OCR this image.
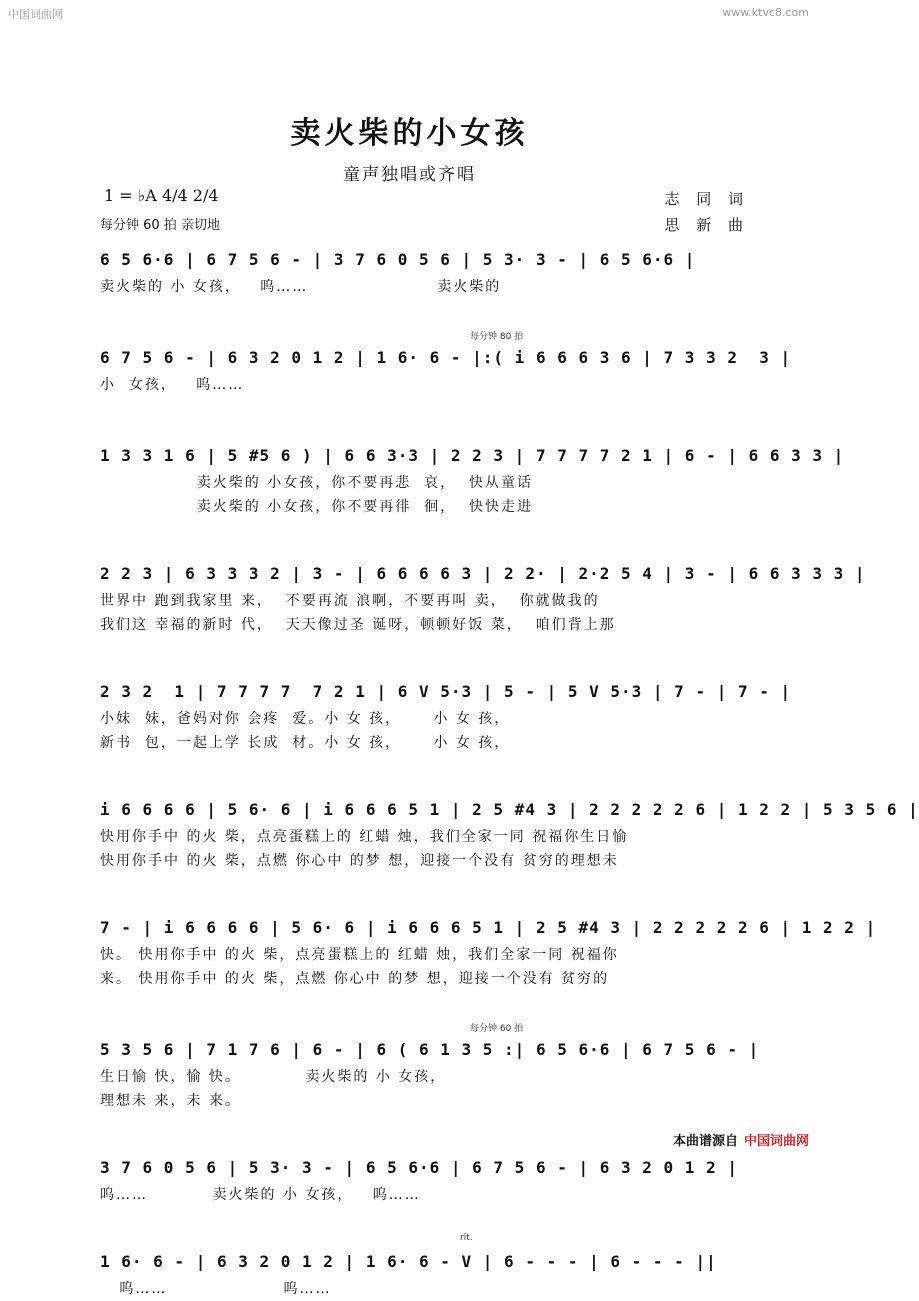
中国词曲网	www.ktvc8.com
卖火柴的小女孩
童声独唱或齐唱
1 = ♭A 4/4 2/4
每分钟 60 拍 亲切地
志 同 词
思 新 曲
6 5 6·6 | 6 7 5 6 - | 3 7 6 0 5 6 | 5 3· 3 - | 6 5 6·6 |
卖火柴的 小 女孩，   呜……                    卖火柴的
每分钟 80 拍
6 7 5 6 - | 6 3 2 0 1 2 | 1 6· 6 - |:( i 6 6 6 3 6 | 7 3 3 2  3 |
小  女孩，   呜……
1 3 3 1 6 | 5 #5 6 ) | 6 6 3·3 | 2 2 3 | 7 7 7 7 2 1 | 6 - | 6 6 3 3 |
卖火柴的 小女孩，你不要再悲  哀，  快从童话
卖火柴的 小女孩，你不要再徘  徊，  快快走进
2 2 3 | 6 3 3 3 2 | 3 - | 6 6 6 6 3 | 2 2· | 2·2 5 4 | 3 - | 6 6 3 3 3 |
世界中 跑到我家里 来，  不要再流 浪啊，不要再叫 卖，  你就做我的
我们这 幸福的新时 代，  天天像过圣 诞呀，顿顿好饭 菜，  咱们背上那
2 3 2  1 | 7 7 7 7  7 2 1 | 6 V 5·3 | 5 - | 5 V 5·3 | 7 - | 7 - |
小妹  妹，爸妈对你 会疼  爱。小 女 孩，     小 女 孩，
新书  包，一起上学 长成  材。小 女 孩，     小 女 孩，
i 6 6 6 6 | 5 6· 6 | i 6 6 6 5 1 | 2 5 #4 3 | 2 2 2 2 2 6 | 1 2 2 | 5 3 5 6 |
快用你手中 的火 柴，点亮蛋糕上的 红蜡 烛，我们全家一同 祝福你生日愉
快用你手中 的火 柴，点燃 你心中 的梦 想，迎接一个没有 贫穷的理想未
7 - | i 6 6 6 6 | 5 6· 6 | i 6 6 6 5 1 | 2 5 #4 3 | 2 2 2 2 2 6 | 1 2 2 |
快。 快用你手中 的火 柴，点亮蛋糕上的 红蜡 烛，我们全家一同 祝福你
来。 快用你手中 的火 柴，点燃 你心中 的梦 想，迎接一个没有 贫穷的
每分钟 60 拍
5 3 5 6 | 7 1 7 6 | 6 - | 6 ( 6 1 3 5 :| 6 5 6·6 | 6 7 5 6 - |
生日愉 快，愉 快。          卖火柴的 小 女孩，
理想未 来，未 来。
3 7 6 0 5 6 | 5 3· 3 - | 6 5 6·6 | 6 7 5 6 - | 6 3 2 0 1 2 |
呜……          卖火柴的 小 女孩，   呜……
rit.
1 6· 6 - | 6 3 2 0 1 2 | 1 6· 6 - V | 6 - - - | 6 - - - ||
呜……                  呜……
本曲谱源自 中国词曲网
